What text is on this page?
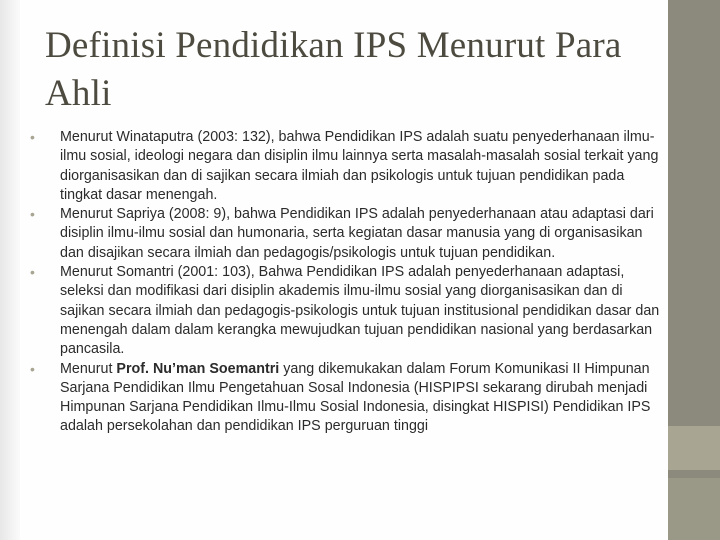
Definisi Pendidikan IPS Menurut Para Ahli

• Menurut Winataputra (2003: 132), bahwa Pendidikan IPS adalah suatu penyederhanaan ilmu-ilmu sosial, ideologi negara dan disiplin ilmu lainnya serta masalah-masalah sosial terkait yang diorganisasikan dan di sajikan secara ilmiah dan psikologis untuk tujuan pendidikan pada tingkat dasar menengah.

• Menurut Sapriya (2008: 9), bahwa Pendidikan IPS adalah penyederhanaan atau adaptasi dari disiplin ilmu-ilmu sosial dan humonaria, serta kegiatan dasar manusia yang di organisasikan dan disajikan secara ilmiah dan pedagogis/psikologis untuk tujuan pendidikan.

• Menurut Somantri (2001: 103), Bahwa Pendidikan IPS adalah penyederhanaan adaptasi, seleksi dan modifikasi dari disiplin akademis ilmu-ilmu sosial yang diorganisasikan dan di sajikan secara ilmiah dan pedagogis-psikologis untuk tujuan institusional pendidikan dasar dan menengah dalam dalam kerangka mewujudkan tujuan pendidikan nasional yang berdasarkan pancasila.

• Menurut Prof. Nu’man Soemantri yang dikemukakan dalam Forum Komunikasi II Himpunan Sarjana Pendidikan Ilmu Pengetahuan Sosal Indonesia (HISPIPSI sekarang dirubah menjadi Himpunan Sarjana Pendidikan Ilmu-Ilmu Sosial Indonesia, disingkat HISPISI) Pendidikan IPS adalah persekolahan dan pendidikan IPS perguruan tinggi
